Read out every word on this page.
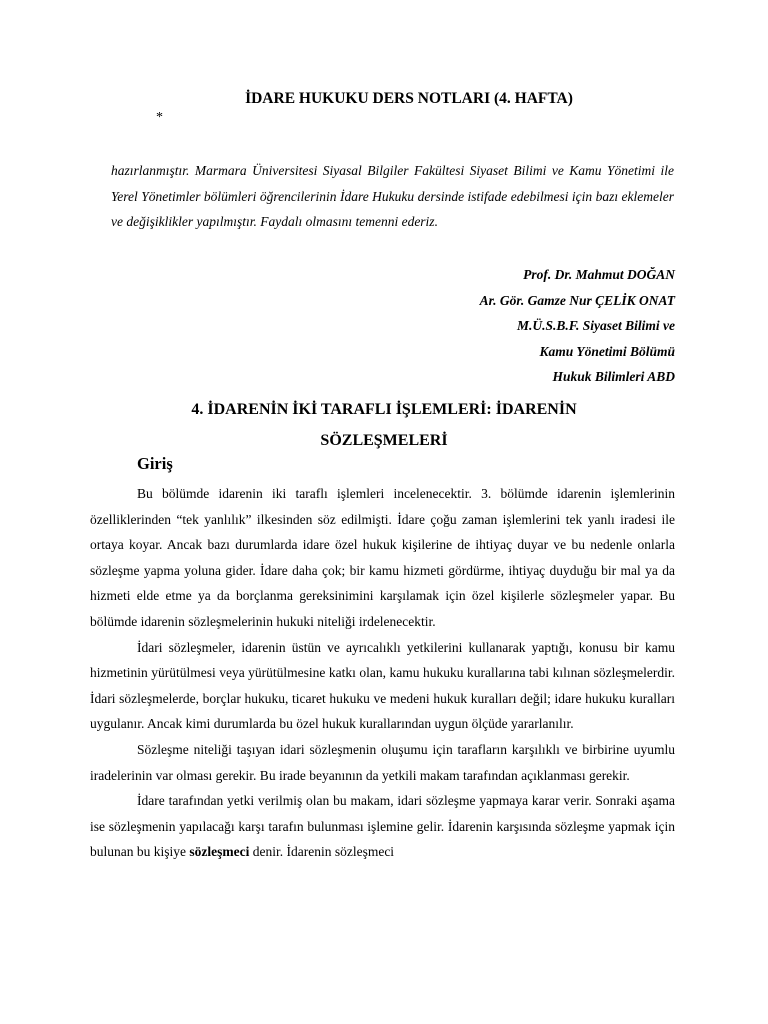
İDARE HUKUKU DERS NOTLARI (4. HAFTA)
*

hazırlanmıştır. Marmara Üniversitesi Siyasal Bilgiler Fakültesi Siyaset Bilimi ve Kamu Yönetimi ile Yerel Yönetimler bölümleri öğrencilerinin İdare Hukuku dersinde istifade edebilmesi için bazı eklemeler ve değişiklikler yapılmıştır. Faydalı olmasını temenni ederiz.

Prof. Dr. Mahmut DOĞAN
Ar. Gör. Gamze Nur ÇELİK ONAT
M.Ü.S.B.F. Siyaset Bilimi ve
Kamu Yönetimi Bölümü
Hukuk Bilimleri ABD
4. İDARENİN İKİ TARAFLI İŞLEMLERİ: İDARENİN
SÖZLEŞMELERİ
Giriş

Bu bölümde idarenin iki taraflı işlemleri incelenecektir. 3. bölümde idarenin işlemlerinin özelliklerinden “tek yanlılık” ilkesinden söz edilmişti. İdare çoğu zaman işlemlerini tek yanlı iradesi ile ortaya koyar. Ancak bazı durumlarda idare özel hukuk kişilerine de ihtiyaç duyar ve bu nedenle onlarla sözleşme yapma yoluna gider. İdare daha çok; bir kamu hizmeti gördürme, ihtiyaç duyduğu bir mal ya da hizmeti elde etme ya da borçlanma gereksinimini karşılamak için özel kişilerle sözleşmeler yapar. Bu bölümde idarenin sözleşmelerinin hukuki niteliği irdelenecektir.

İdari sözleşmeler, idarenin üstün ve ayrıcalıklı yetkilerini kullanarak yaptığı, konusu bir kamu hizmetinin yürütülmesi veya yürütülmesine katkı olan, kamu hukuku kurallarına tabi kılınan sözleşmelerdir. İdari sözleşmelerde, borçlar hukuku, ticaret hukuku ve medeni hukuk kuralları değil; idare hukuku kuralları uygulanır. Ancak kimi durumlarda bu özel hukuk kurallarından uygun ölçüde yararlanılır.

Sözleşme niteliği taşıyan idari sözleşmenin oluşumu için tarafların karşılıklı ve birbirine uyumlu iradelerinin var olması gerekir. Bu irade beyanının da yetkili makam tarafından açıklanması gerekir.

İdare tarafından yetki verilmiş olan bu makam, idari sözleşme yapmaya karar verir. Sonraki aşama ise sözleşmenin yapılacağı karşı tarafın bulunması işlemine gelir. İdarenin karşısında sözleşme yapmak için bulunan bu kişiye sözleşmeci denir. İdarenin sözleşmeci
